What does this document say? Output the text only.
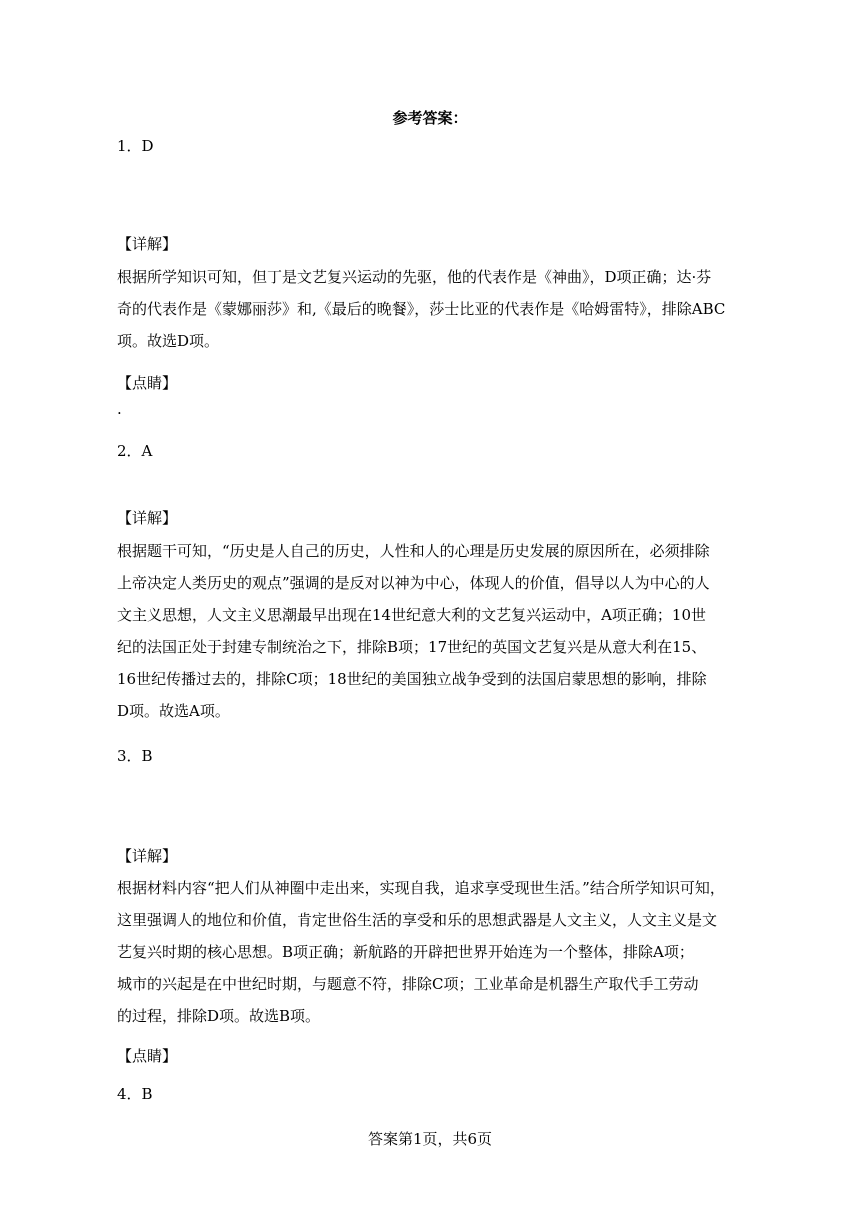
参考答案：
1．D
【详解】
根据所学知识可知，但丁是文艺复兴运动的先驱，他的代表作是《神曲》，D项正确；达·芬
奇的代表作是《蒙娜丽莎》和,《最后的晚餐》，莎士比亚的代表作是《哈姆雷特》，排除ABC
项。故选D项。
【点睛】
.
2．A
【详解】
根据题干可知，“历史是人自己的历史，人性和人的心理是历史发展的原因所在，必须排除
上帝决定人类历史的观点”强调的是反对以神为中心，体现人的价值，倡导以人为中心的人
文主义思想，人文主义思潮最早出现在14世纪意大利的文艺复兴运动中，A项正确；10世
纪的法国正处于封建专制统治之下，排除B项；17世纪的英国文艺复兴是从意大利在15、
16世纪传播过去的，排除C项；18世纪的美国独立战争受到的法国启蒙思想的影响，排除
D项。故选A项。
3．B
【详解】
根据材料内容“把人们从神圈中走出来，实现自我，追求享受现世生活。”结合所学知识可知，
这里强调人的地位和价值，肯定世俗生活的享受和乐的思想武器是人文主义，人文主义是文
艺复兴时期的核心思想。B项正确；新航路的开辟把世界开始连为一个整体，排除A项；
城市的兴起是在中世纪时期，与题意不符，排除C项；工业革命是机器生产取代手工劳动
的过程，排除D项。故选B项。
【点睛】
4．B
答案第1页，共6页
